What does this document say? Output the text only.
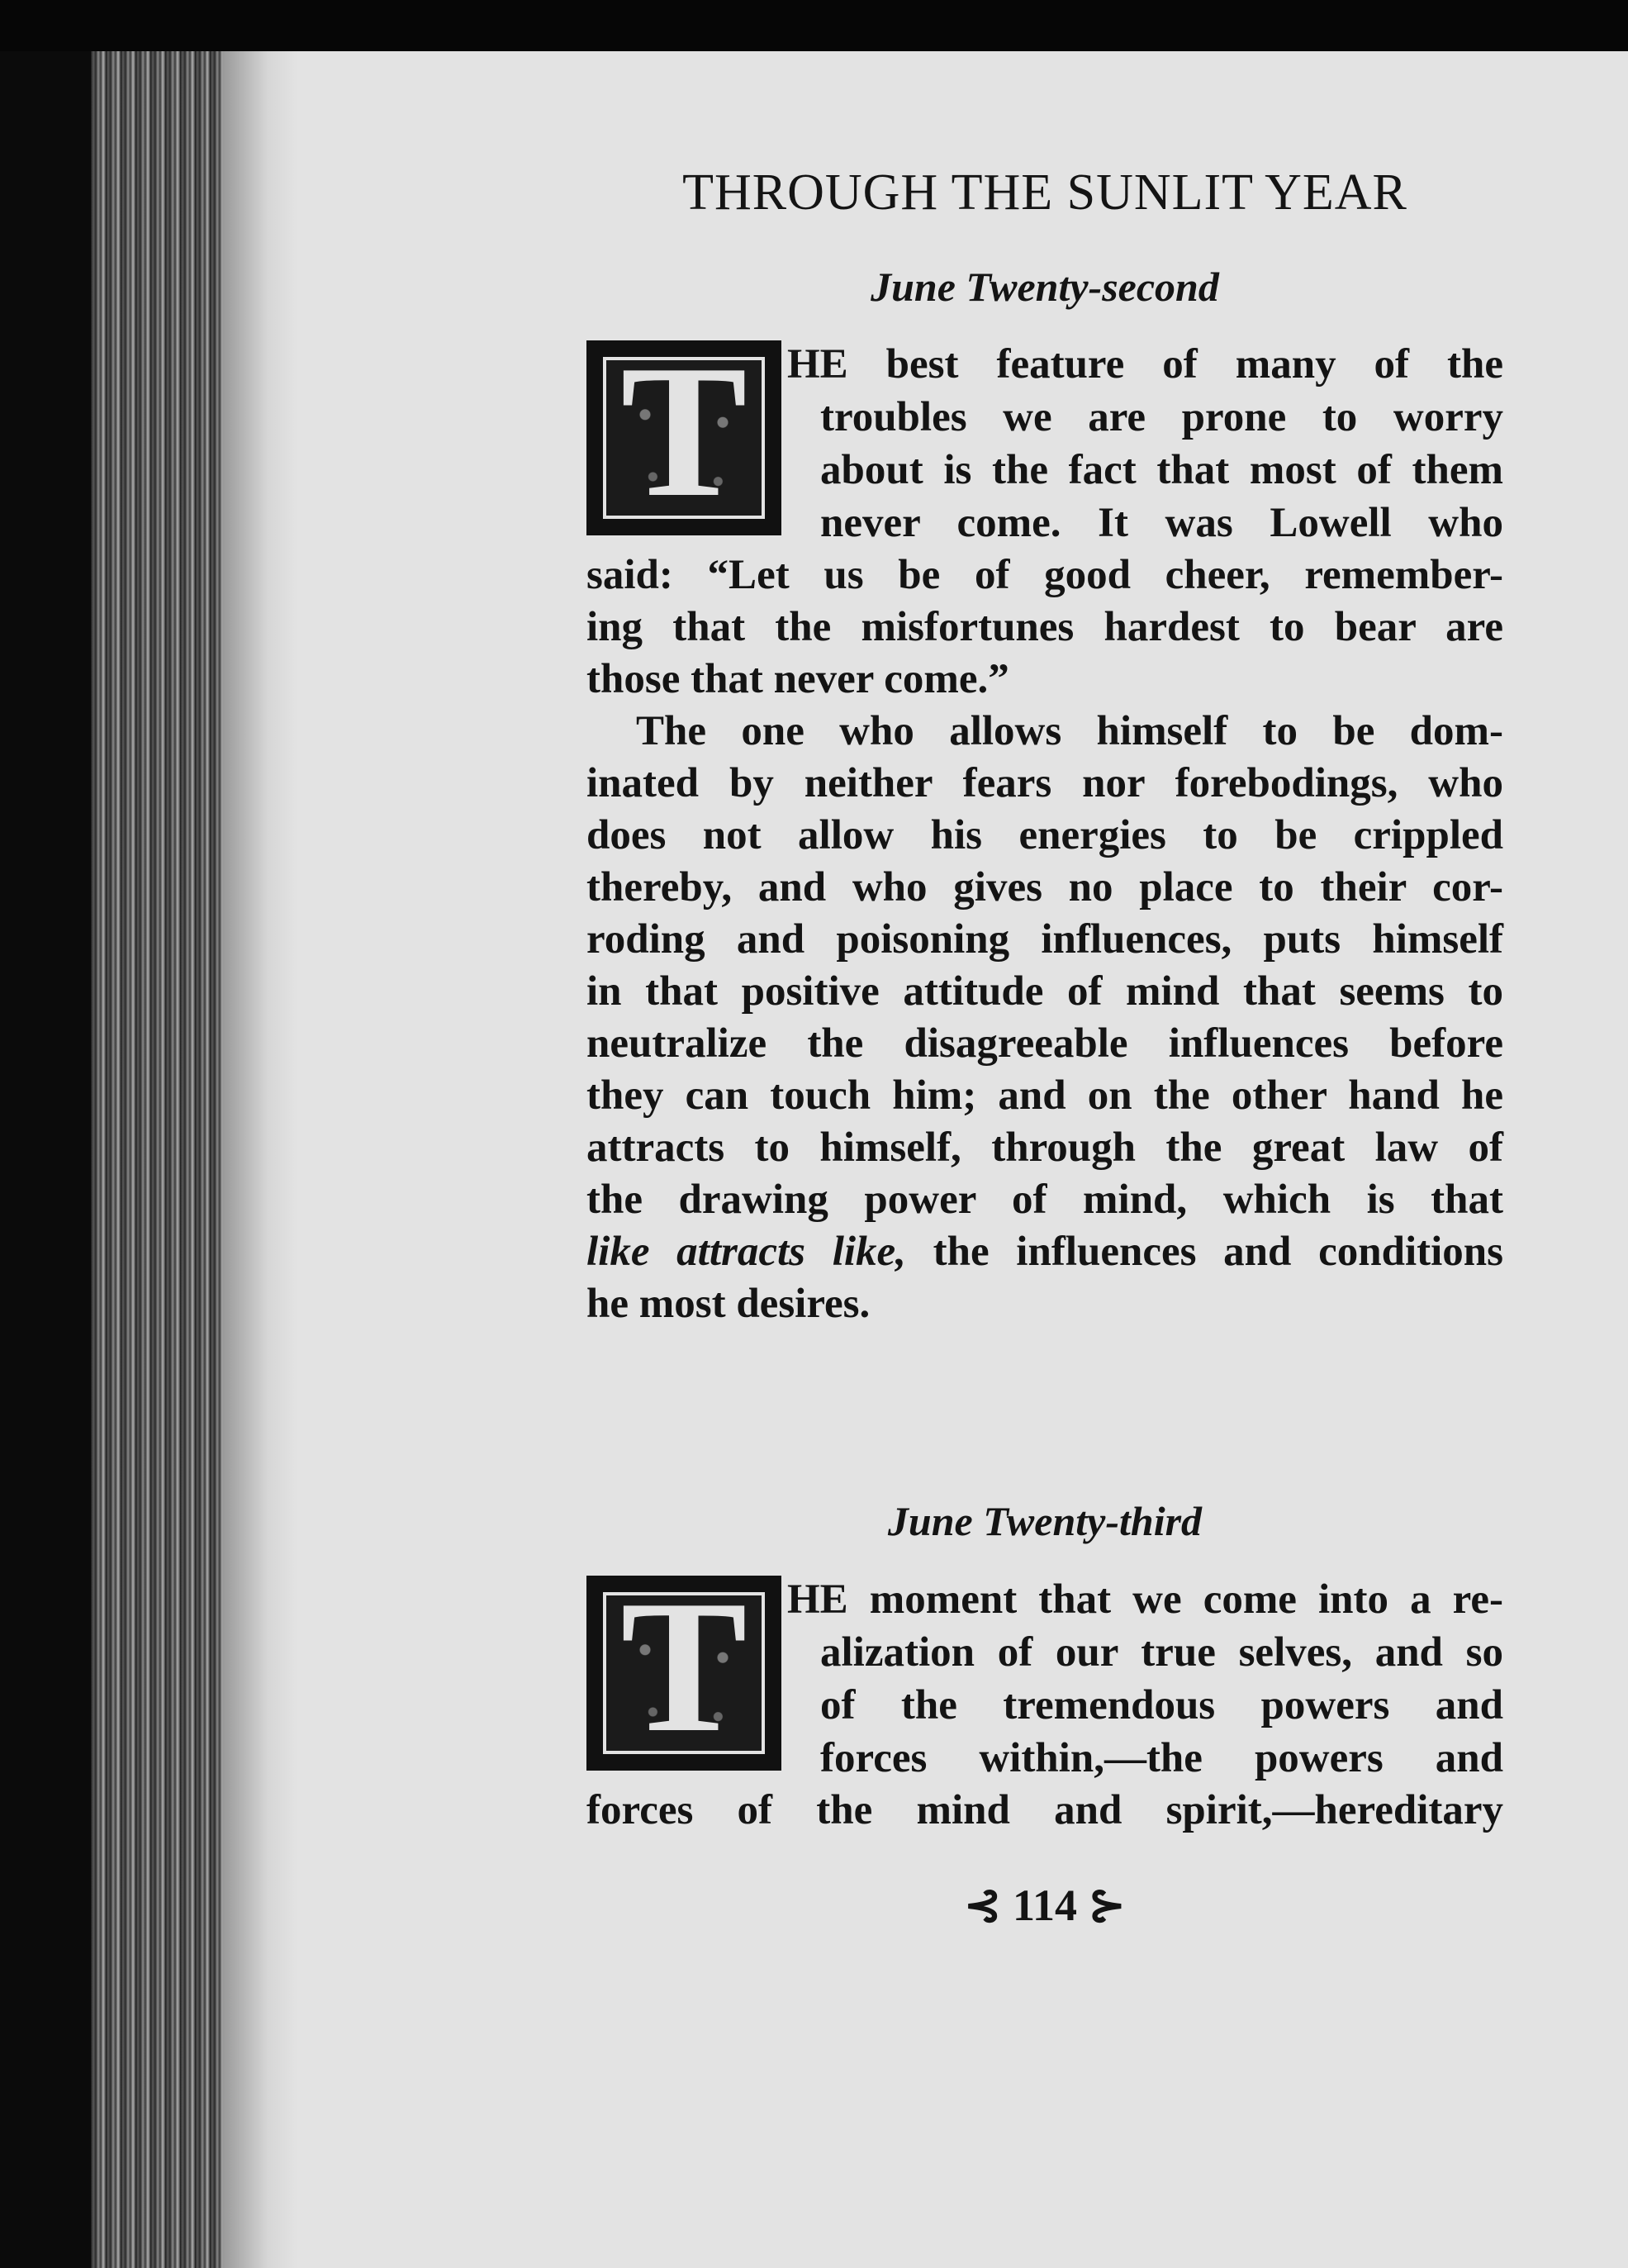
THROUGH THE SUNLIT YEAR
June Twenty-second
T HE best feature of many of the
troubles we are prone to worry
about is the fact that most of them
never come. It was Lowell who
said: “Let us be of good cheer, remember-
ing that the misfortunes hardest to bear are
those that never come.”
The one who allows himself to be dom-
inated by neither fears nor forebodings, who
does not allow his energies to be crippled
thereby, and who gives no place to their cor-
roding and poisoning influences, puts himself
in that positive attitude of mind that seems to
neutralize the disagreeable influences before
they can touch him; and on the other hand he
attracts to himself, through the great law of
the drawing power of mind, which is that
like attracts like, the influences and conditions
he most desires.
June Twenty-third
T HE moment that we come into a re-
alization of our true selves, and so
of the tremendous powers and
forces within,—the powers and
forces of the mind and spirit,—hereditary
⊰ 114 ⊱
